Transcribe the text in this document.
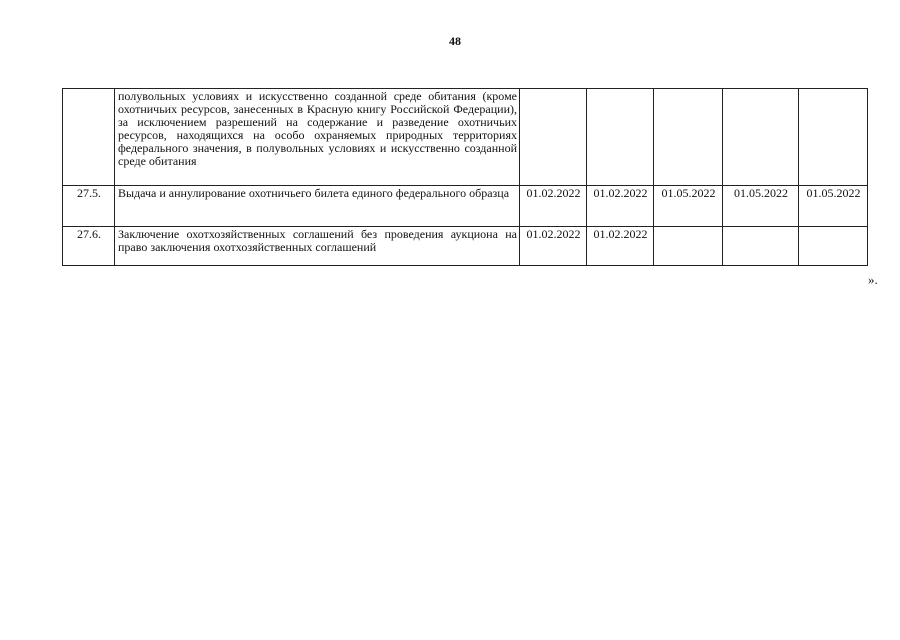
48
	полувольных условиях и искусственно созданной среде обитания (кроме охотничьих ресурсов, занесенных в Красную книгу Российской Федерации), за исключением разрешений на содержание и разведение охотничьих ресурсов, находящихся на особо охраняемых природных территориях федерального значения, в полувольных условиях и искусственно созданной среде обитания					
27.5.	Выдача и аннулирование охотничьего билета единого федерального образца	01.02.2022	01.02.2022	01.05.2022	01.05.2022	01.05.2022
27.6.	Заключение охотхозяйственных соглашений без проведения аукциона на право заключения охотхозяйственных соглашений	01.02.2022	01.02.2022			
».
